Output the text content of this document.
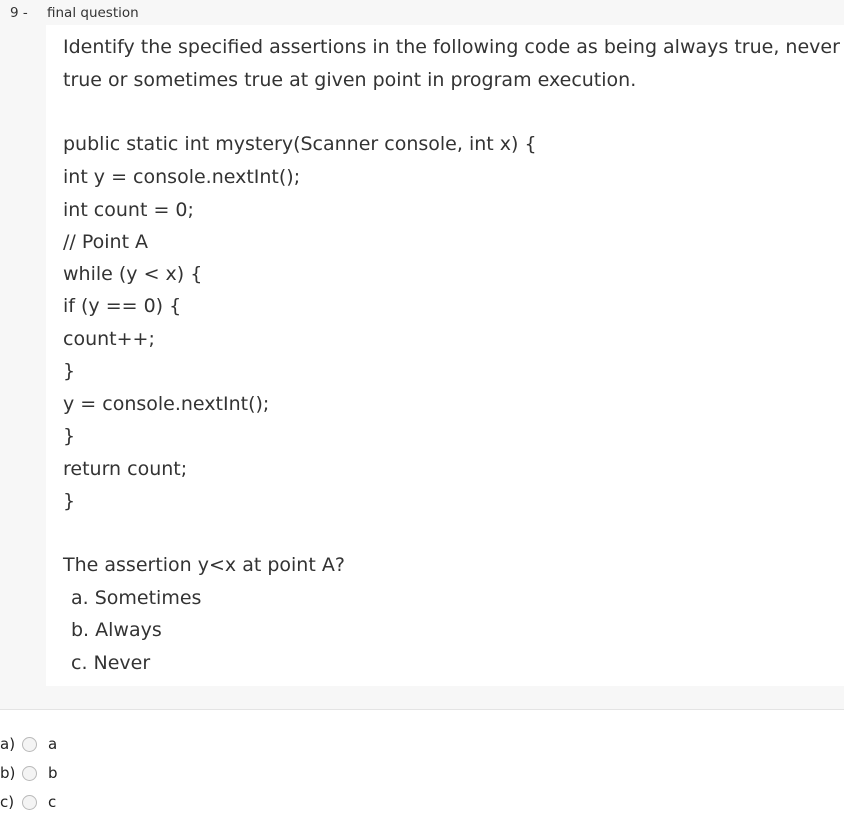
9 - final question
Identify the specified assertions in the following code as being always true, never
true or sometimes true at given point in program execution.
public static int mystery(Scanner console, int x) {
int y = console.nextInt();
int count = 0;
// Point A
while (y < x) {
if (y == 0) {
count++;
}
y = console.nextInt();
}
return count;
}
The assertion y<x at point A?
a. Sometimes
b. Always
c. Never
a) a
b) b
c)	c
